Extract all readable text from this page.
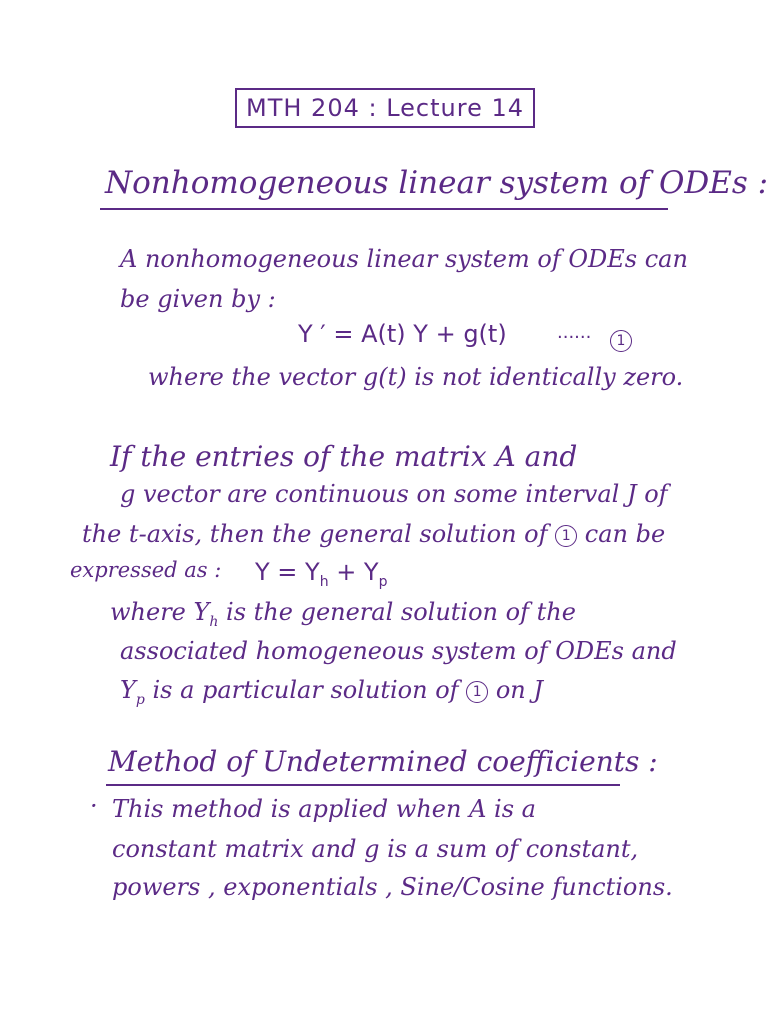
MTH 204 : Lecture 14
Nonhomogeneous linear system of ODEs :
A nonhomogeneous linear system of ODEs can
be given by :
Y ′ = A(t) Y + g(t)	......	1
where the vector g(t) is not identically zero.
If the entries of the matrix A and
g vector are continuous on some interval J of
the t-axis, then the general solution of 1 can be
expressed as : $Y = Y_h + Y_p$
where $Y_h$ is the general solution of the
associated homogeneous system of ODEs and
$Y_p$ is a particular solution of 1 on J
Method of Undetermined coefficients :
· This method is applied when A is a
constant matrix and g is a sum of constant,
powers , exponentials , Sine/Cosine functions.
